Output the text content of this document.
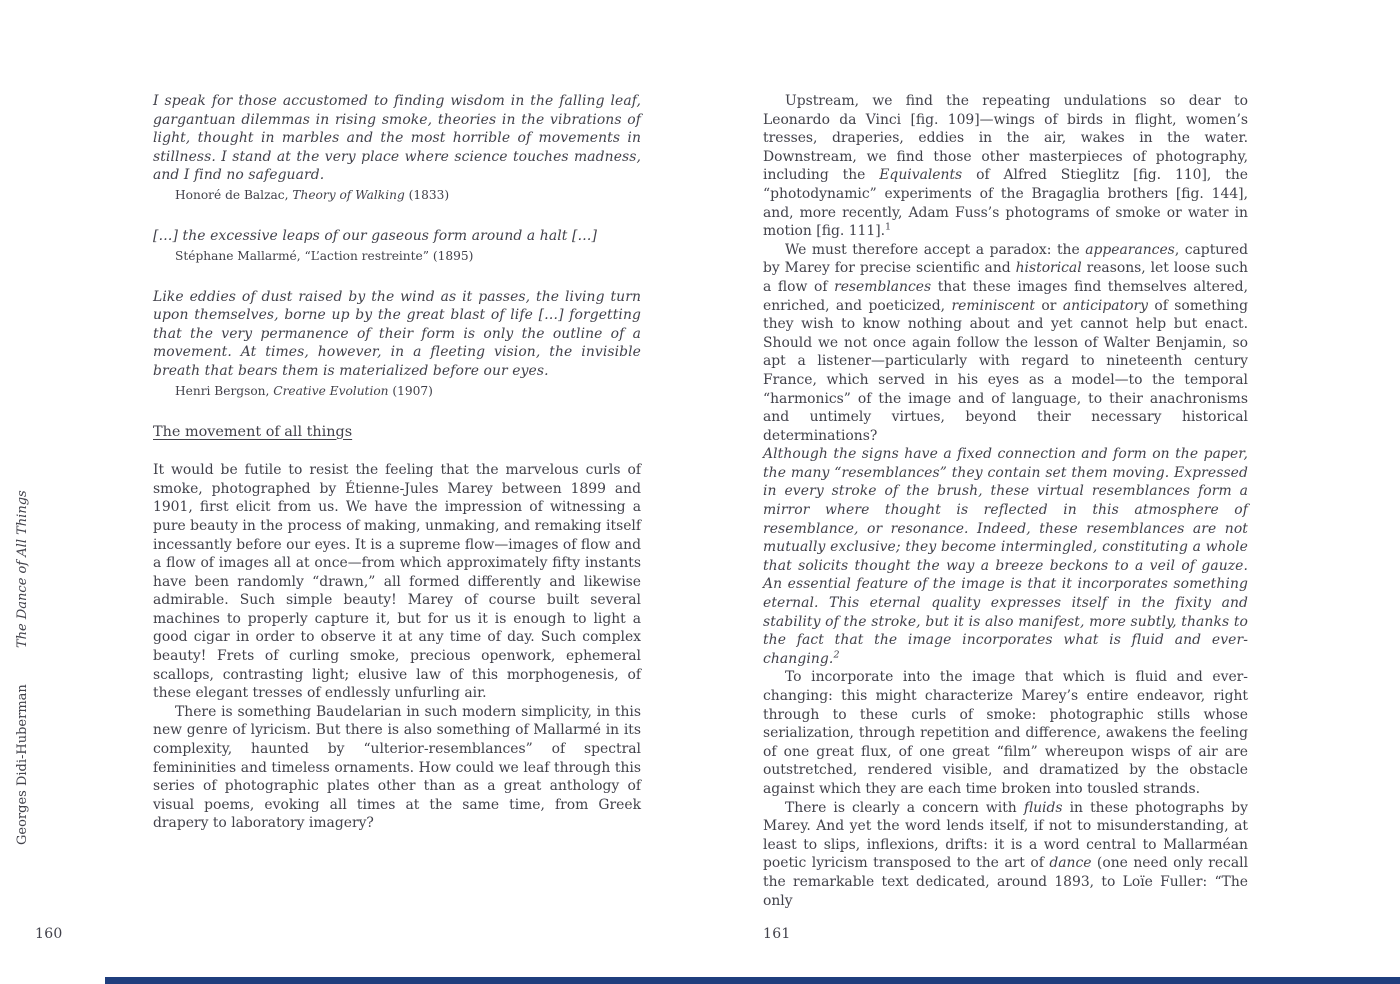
The Dance of All Things
Georges Didi-Huberman
I speak for those accustomed to finding wisdom in the falling leaf, gargantuan dilemmas in rising smoke, theories in the vibrations of light, thought in marbles and the most horrible of movements in stillness. I stand at the very place where science touches madness, and I find no safeguard.
Honoré de Balzac, Theory of Walking (1833)
[…] the excessive leaps of our gaseous form around a halt […]
Stéphane Mallarmé, “L’action restreinte” (1895)
Like eddies of dust raised by the wind as it passes, the living turn upon themselves, borne up by the great blast of life […] forgetting that the very permanence of their form is only the outline of a movement. At times, however, in a fleeting vision, the invisible breath that bears them is materialized before our eyes.
Henri Bergson, Creative Evolution (1907)
The movement of all things

It would be futile to resist the feeling that the marvelous curls of smoke, photographed by Étienne-Jules Marey between 1899 and 1901, first elicit from us. We have the impression of witnessing a pure beauty in the process of making, unmaking, and remaking itself incessantly before our eyes. It is a supreme flow—images of flow and a flow of images all at once—from which approximately fifty instants have been randomly “drawn,” all formed differently and likewise admirable. Such simple beauty! Marey of course built several machines to properly capture it, but for us it is enough to light a good cigar in order to observe it at any time of day. Such complex beauty! Frets of curling smoke, precious openwork, ephemeral scallops, contrasting light; elusive law of this morphogenesis, of these elegant tresses of endlessly unfurling air.

There is something Baudelarian in such modern simplicity, in this new genre of lyricism. But there is also something of Mallarmé in its complexity, haunted by “ulterior-resemblances” of spectral femininities and timeless ornaments. How could we leaf through this series of photographic plates other than as a great anthology of visual poems, evoking all times at the same time, from Greek drapery to laboratory imagery?

Upstream, we find the repeating undulations so dear to Leonardo da Vinci [fig. 109]—wings of birds in flight, women’s tresses, draperies, eddies in the air, wakes in the water. Downstream, we find those other masterpieces of photography, including the Equivalents of Alfred Stieglitz [fig. 110], the “photodynamic” experiments of the Bragaglia brothers [fig. 144], and, more recently, Adam Fuss’s photograms of smoke or water in motion [fig. 111].$^1$

We must therefore accept a paradox: the appearances, captured by Marey for precise scientific and historical reasons, let loose such a flow of resemblances that these images find themselves altered, enriched, and poeticized, reminiscent or anticipatory of something they wish to know nothing about and yet cannot help but enact. Should we not once again follow the lesson of Walter Benjamin, so apt a listener—particularly with regard to nineteenth century France, which served in his eyes as a model—to the temporal “harmonics” of the image and of language, to their anachronisms and untimely virtues, beyond their necessary historical determinations?

Although the signs have a fixed connection and form on the paper, the many “resemblances” they contain set them moving. Expressed in every stroke of the brush, these virtual resemblances form a mirror where thought is reflected in this atmosphere of resemblance, or resonance. Indeed, these resemblances are not mutually exclusive; they become intermingled, constituting a whole that solicits thought the way a breeze beckons to a veil of gauze. An essential feature of the image is that it incorporates something eternal. This eternal quality expresses itself in the fixity and stability of the stroke, but it is also manifest, more subtly, thanks to the fact that the image incorporates what is fluid and ever-changing.$^2$

To incorporate into the image that which is fluid and ever-changing: this might characterize Marey’s entire endeavor, right through to these curls of smoke: photographic stills whose serialization, through repetition and difference, awakens the feeling of one great flux, of one great “film” whereupon wisps of air are outstretched, rendered visible, and dramatized by the obstacle against which they are each time broken into tousled strands.

There is clearly a concern with fluids in these photographs by Marey. And yet the word lends itself, if not to misunderstanding, at least to slips, inflexions, drifts: it is a word central to Mallarméan poetic lyricism transposed to the art of dance (one need only recall the remarkable text dedicated, around 1893, to Loïe Fuller: “The only

160	161
